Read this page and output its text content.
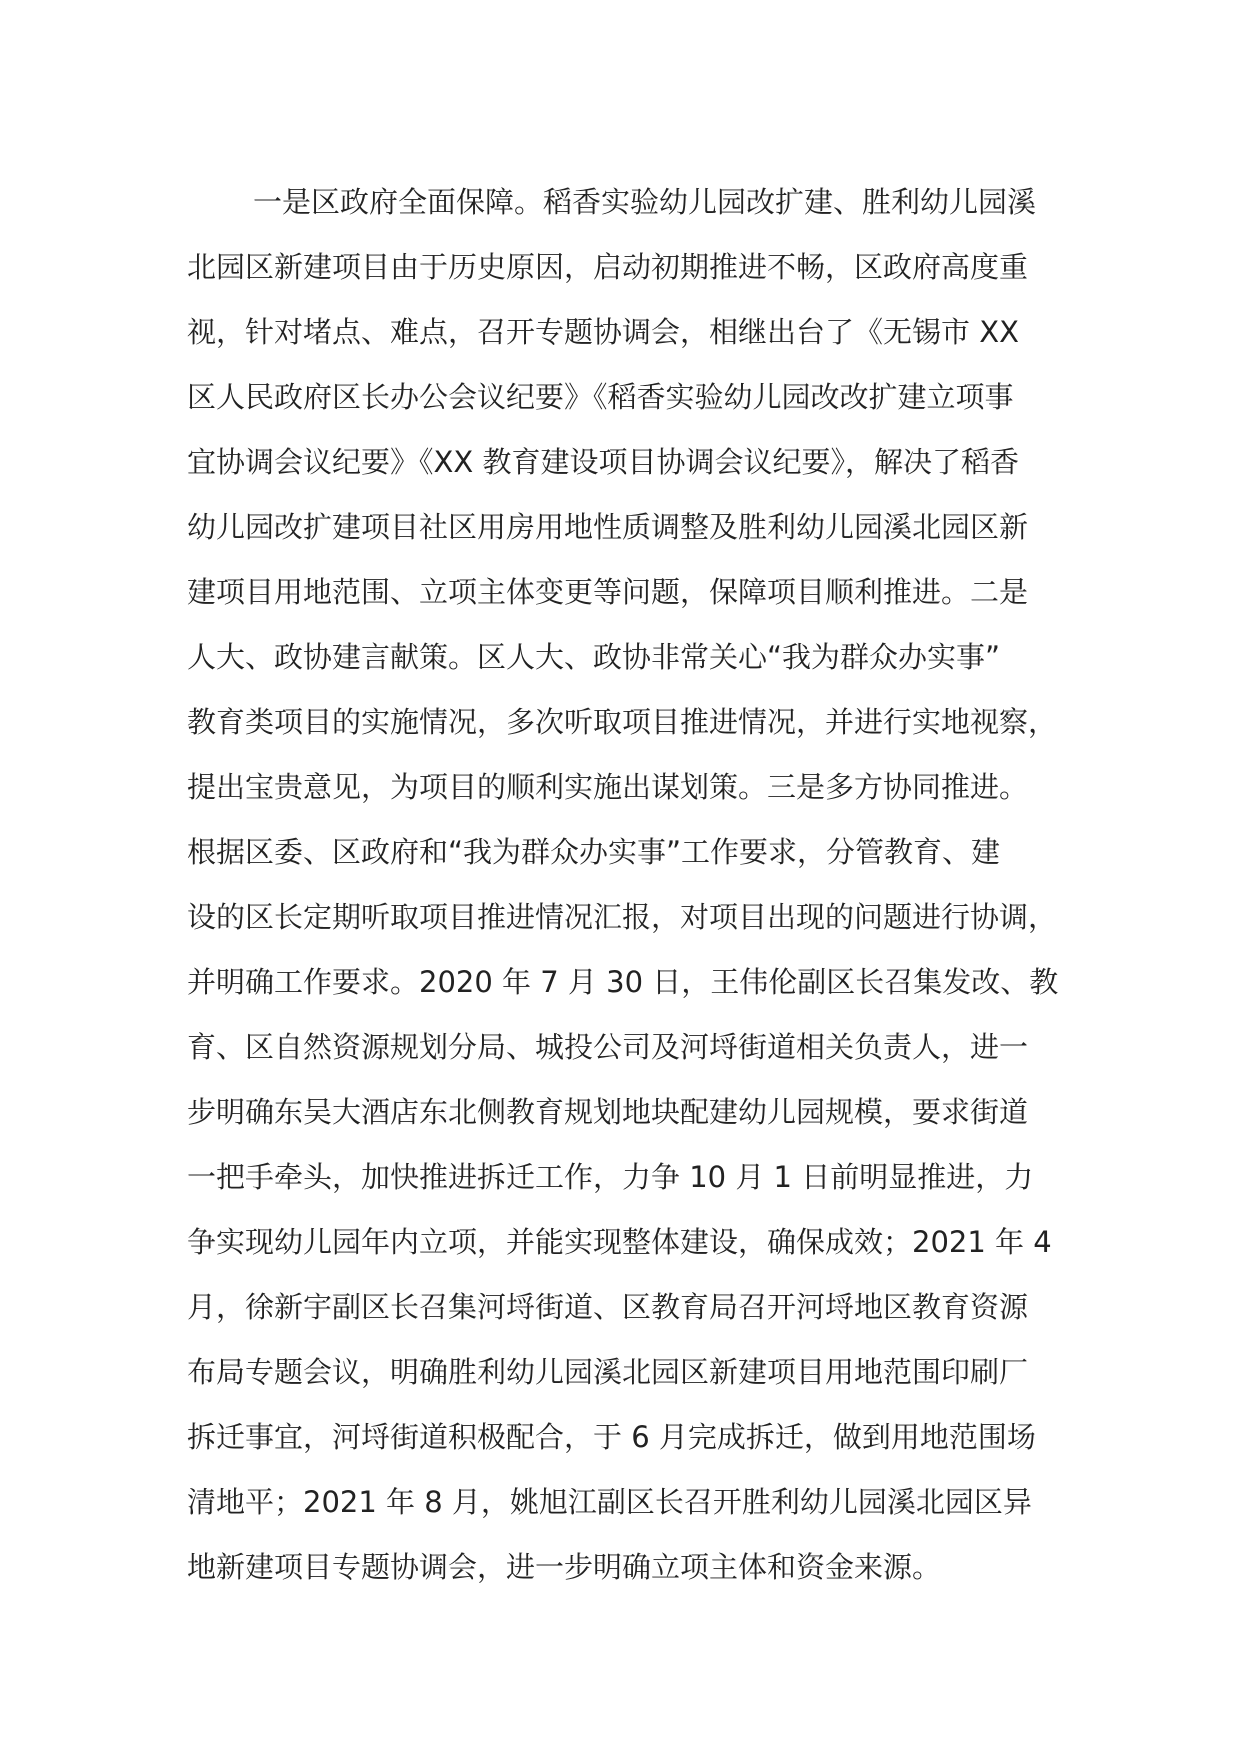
一是区政府全面保障。稻香实验幼儿园改扩建、胜利幼儿园溪
北园区新建项目由于历史原因，启动初期推进不畅，区政府高度重
视，针对堵点、难点，召开专题协调会，相继出台了《无锡市 XX
区人民政府区长办公会议纪要》《稻香实验幼儿园改改扩建立项事
宜协调会议纪要》《XX 教育建设项目协调会议纪要》，解决了稻香
幼儿园改扩建项目社区用房用地性质调整及胜利幼儿园溪北园区新
建项目用地范围、立项主体变更等问题，保障项目顺利推进。二是
人大、政协建言献策。区人大、政协非常关心“我为群众办实事”
教育类项目的实施情况，多次听取项目推进情况，并进行实地视察，
提出宝贵意见，为项目的顺利实施出谋划策。三是多方协同推进。
根据区委、区政府和“我为群众办实事”工作要求，分管教育、建
设的区长定期听取项目推进情况汇报，对项目出现的问题进行协调，
并明确工作要求。2020 年 7 月 30 日，王伟伦副区长召集发改、教
育、区自然资源规划分局、城投公司及河埒街道相关负责人，进一
步明确东吴大酒店东北侧教育规划地块配建幼儿园规模，要求街道
一把手牵头，加快推进拆迁工作，力争 10 月 1 日前明显推进，力
争实现幼儿园年内立项，并能实现整体建设，确保成效；2021 年 4
月，徐新宇副区长召集河埒街道、区教育局召开河埒地区教育资源
布局专题会议，明确胜利幼儿园溪北园区新建项目用地范围印刷厂
拆迁事宜，河埒街道积极配合，于 6 月完成拆迁，做到用地范围场
清地平；2021 年 8 月，姚旭江副区长召开胜利幼儿园溪北园区异
地新建项目专题协调会，进一步明确立项主体和资金来源。
